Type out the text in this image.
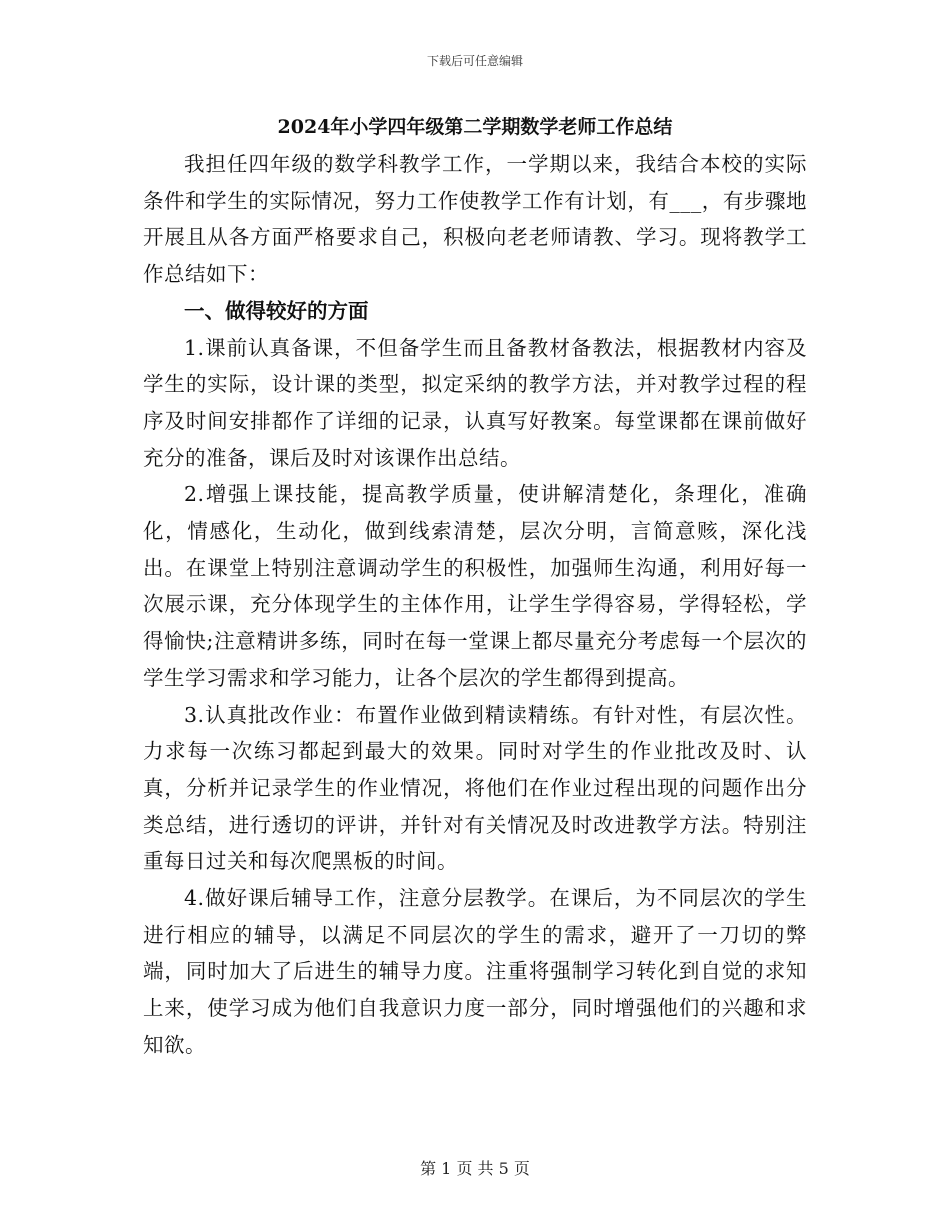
下载后可任意编辑
2024年小学四年级第二学期数学老师工作总结

我担任四年级的数学科教学工作，一学期以来，我结合本校的实际条件和学生的实际情况，努力工作使教学工作有计划，有___，有步骤地开展且从各方面严格要求自己，积极向老老师请教、学习。现将教学工作总结如下：

一、做得较好的方面

1.课前认真备课，不但备学生而且备教材备教法，根据教材内容及学生的实际，设计课的类型，拟定采纳的教学方法，并对教学过程的程序及时间安排都作了详细的记录，认真写好教案。每堂课都在课前做好充分的准备，课后及时对该课作出总结。

2.增强上课技能，提高教学质量，使讲解清楚化，条理化，准确化，情感化，生动化，做到线索清楚，层次分明，言简意赅，深化浅出。在课堂上特别注意调动学生的积极性，加强师生沟通，利用好每一次展示课，充分体现学生的主体作用，让学生学得容易，学得轻松，学得愉快;注意精讲多练，同时在每一堂课上都尽量充分考虑每一个层次的学生学习需求和学习能力，让各个层次的学生都得到提高。

3.认真批改作业：布置作业做到精读精练。有针对性，有层次性。力求每一次练习都起到最大的效果。同时对学生的作业批改及时、认真，分析并记录学生的作业情况，将他们在作业过程出现的问题作出分类总结，进行透切的评讲，并针对有关情况及时改进教学方法。特别注重每日过关和每次爬黑板的时间。

4.做好课后辅导工作，注意分层教学。在课后，为不同层次的学生进行相应的辅导，以满足不同层次的学生的需求，避开了一刀切的弊端，同时加大了后进生的辅导力度。注重将强制学习转化到自觉的求知上来，使学习成为他们自我意识力度一部分，同时增强他们的兴趣和求知欲。

第 1 页 共 5 页
